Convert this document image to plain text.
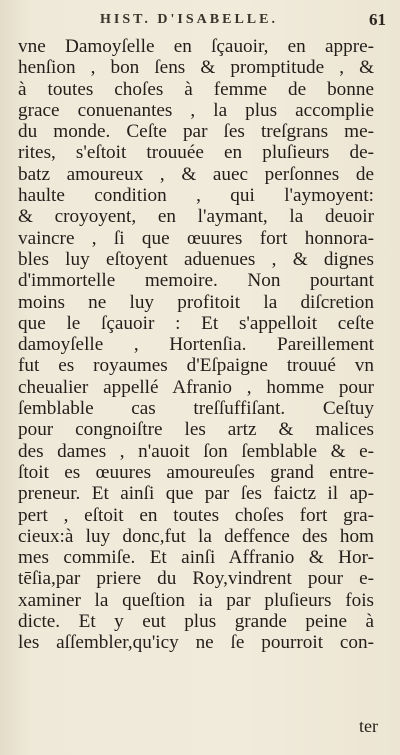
HIST. D'ISABELLE.	61
vne Damoyſelle en ſçauoir, en appre-
henſion , bon ſens & promptitude , &
à toutes choſes à femme de bonne
grace conuenantes , la plus accomplie
du monde. Ceſte par ſes treſgrans me-
rites, s'eſtoit trouuée en pluſieurs de-
batz amoureux , & auec perſonnes de
haulte condition , qui l'aymoyent:
& croyoyent, en l'aymant, la deuoir
vaincre , ſi que œuures fort honnora-
bles luy eſtoyent aduenues , & dignes
d'immortelle memoire. Non pourtant
moins ne luy profitoit la diſcretion
que le ſçauoir : Et s'appelloit ceſte
damoyſelle , Hortenſia. Pareillement
fut es royaumes d'Eſpaigne trouué vn
cheualier appellé Afranio , homme pour
ſemblable cas treſſuffiſant. Ceſtuy
pour congnoiſtre les artz & malices
des dames , n'auoit ſon ſemblable & e-
ſtoit es œuures amoureuſes grand entre-
preneur. Et ainſi que par ſes faictz il ap-
pert , eſtoit en toutes choſes fort gra-
cieux:à luy donc,fut la deffence des hom
mes commiſe. Et ainſi Affranio & Hor-
tēſia,par priere du Roy,vindrent pour e-
xaminer la queſtion ia par pluſieurs fois
dicte. Et y eut plus grande peine à
les aſſembler,qu'icy ne ſe pourroit con-
ter
